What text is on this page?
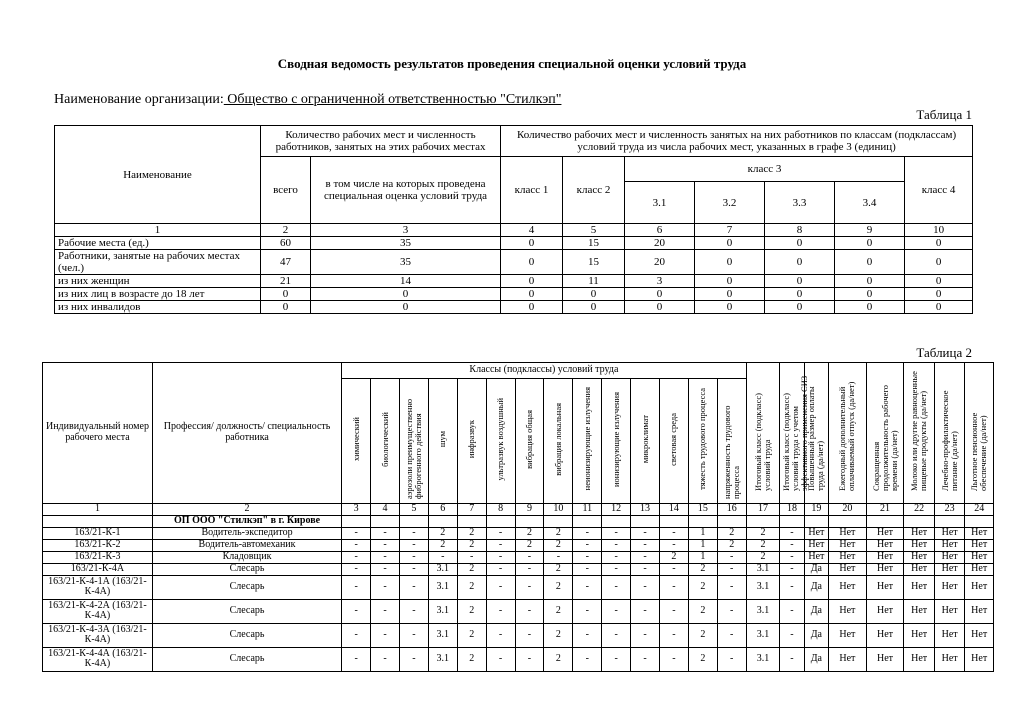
Сводная ведомость результатов проведения специальной оценки условий труда
Наименование организации: Общество с ограниченной ответственностью "Стилкэп"
Таблица 1
Наименование	Количество рабочих мест и численность работников, занятых на этих рабочих местах		Количество рабочих мест и численность занятых на них работников по классам (подклассам) условий труда из числа рабочих мест, указанных в графе 3 (единиц)						
	всего	в том числе на которых проведена специальная оценка условий труда	класс 1	класс 2	класс 3				класс 4
					3.1	3.2	3.3	3.4	
1	2	3	4	5	6	7	8	9	10
Рабочие места (ед.)	60	35	0	15	20	0	0	0	0
Работники, занятые на рабочих местах (чел.)	47	35	0	15	20	0	0	0	0
из них женщин	21	14	0	11	3	0	0	0	0
из них лиц в возрасте до 18 лет	0	0	0	0	0	0	0	0	0
из них инвалидов	0	0	0	0	0	0	0	0	0
Таблица 2
Индивидуальный номер рабочего места	Профессия/ должность/ специальность работника	Классы (подклассы) условий труда														Итоговый класс (подкласс) условий труда	Итоговый класс (подкласс) условий труда с учетом эффективного применения СИЗ	Повышенный размер оплаты труда (да/нет)	Ежегодный дополнительный оплачиваемый отпуск (да/нет)	Сокращенная продолжительность рабочего времени (да/нет)	Молоко или другие равноценные пищевые продукты (да/нет)	Лечебно-профилактическое питание (да/нет)	Льготное пенсионное обеспечение (да/нет)
		химический	биологический	аэрозоли преимущественно фиброгенного действия	шум	инфразвук	ультразвук воздушный	вибрация общая	вибрация локальная	неионизирующие излучения	ионизирующие излучения	микроклимат	световая среда	тяжесть трудового процесса	напряженность трудового процесса								
1	2	3	4	5	6	7	8	9	10	11	12	13	14	15	16	17	18	19	20	21	22	23	24
	ОП ООО "Стилкэп" в г. Кирове																						
163/21-К-1	Водитель-экспедитор	-	-	-	2	2	-	2	2	-	-	-	-	1	2	2	-	Нет	Нет	Нет	Нет	Нет	Нет
163/21-К-2	Водитель-автомеханик	-	-	-	2	2	-	2	2	-	-	-	-	1	2	2	-	Нет	Нет	Нет	Нет	Нет	Нет
163/21-К-3	Кладовщик	-	-	-	-	-	-	-	-	-	-	-	2	1	-	2	-	Нет	Нет	Нет	Нет	Нет	Нет
163/21-К-4А	Слесарь	-	-	-	3.1	2	-	-	2	-	-	-	-	2	-	3.1	-	Да	Нет	Нет	Нет	Нет	Нет
163/21-К-4-1А (163/21-К-4А)	Слесарь	-	-	-	3.1	2	-	-	2	-	-	-	-	2	-	3.1	-	Да	Нет	Нет	Нет	Нет	Нет
163/21-К-4-2А (163/21-К-4А)	Слесарь	-	-	-	3.1	2	-	-	2	-	-	-	-	2	-	3.1	-	Да	Нет	Нет	Нет	Нет	Нет
163/21-К-4-3А (163/21-К-4А)	Слесарь	-	-	-	3.1	2	-	-	2	-	-	-	-	2	-	3.1	-	Да	Нет	Нет	Нет	Нет	Нет
163/21-К-4-4А (163/21-К-4А)	Слесарь	-	-	-	3.1	2	-	-	2	-	-	-	-	2	-	3.1	-	Да	Нет	Нет	Нет	Нет	Нет
